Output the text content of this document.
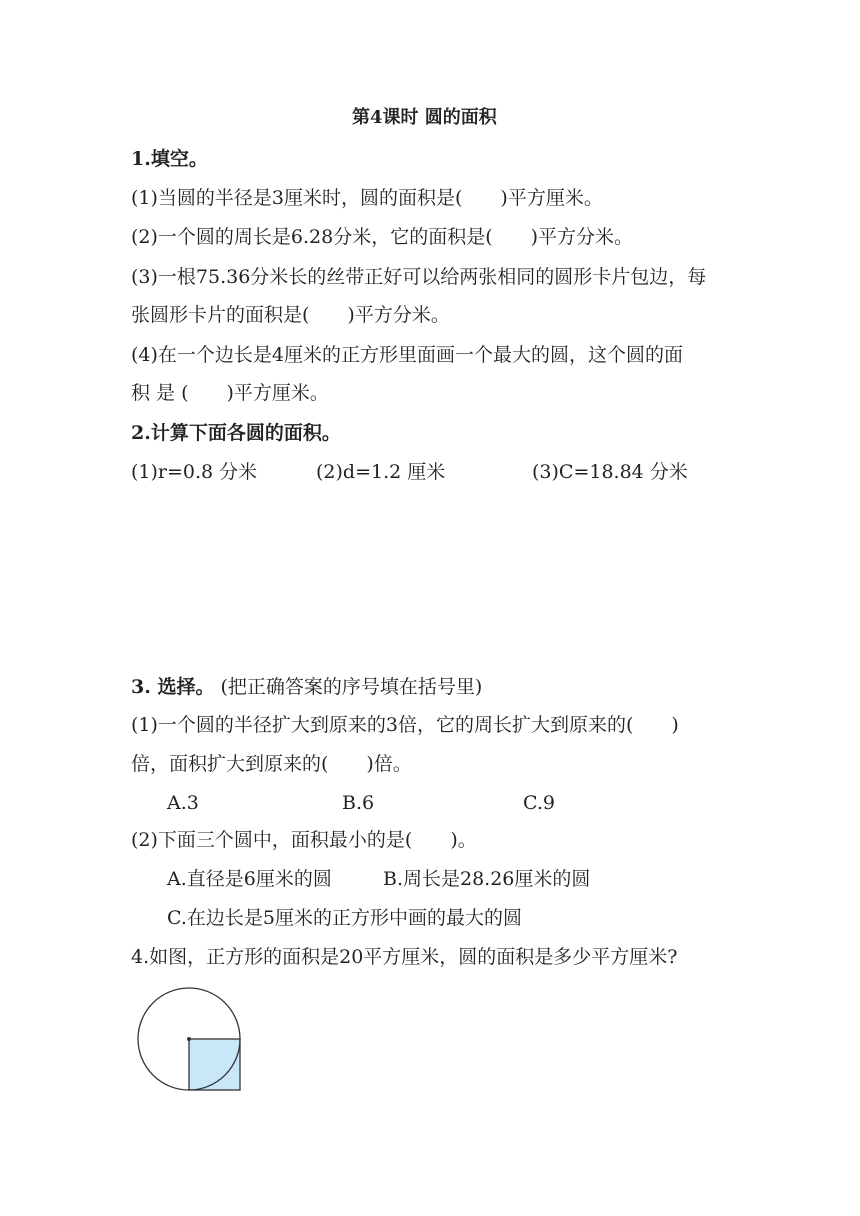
第4课时 圆的面积
1.填空。
(1)当圆的半径是3厘米时，圆的面积是(　　)平方厘米。
(2)一个圆的周长是6.28分米，它的面积是(　　)平方分米。
(3)一根75.36分米长的丝带正好可以给两张相同的圆形卡片包边，每
张圆形卡片的面积是(　　)平方分米。
(4)在一个边长是4厘米的正方形里面画一个最大的圆，这个圆的面
积 是 (　　)平方厘米。
2.计算下面各圆的面积。
(1)r=0.8 分米	(2)d=1.2 厘米	(3)C=18.84 分米
3. 选择。 (把正确答案的序号填在括号里)
(1)一个圆的半径扩大到原来的3倍，它的周长扩大到原来的(　　)
倍，面积扩大到原来的(　　)倍。
A.3	B.6	C.9
(2)下面三个圆中，面积最小的是(　　)。
A.直径是6厘米的圆	B.周长是28.26厘米的圆
C.在边长是5厘米的正方形中画的最大的圆
4.如图，正方形的面积是20平方厘米，圆的面积是多少平方厘米?
